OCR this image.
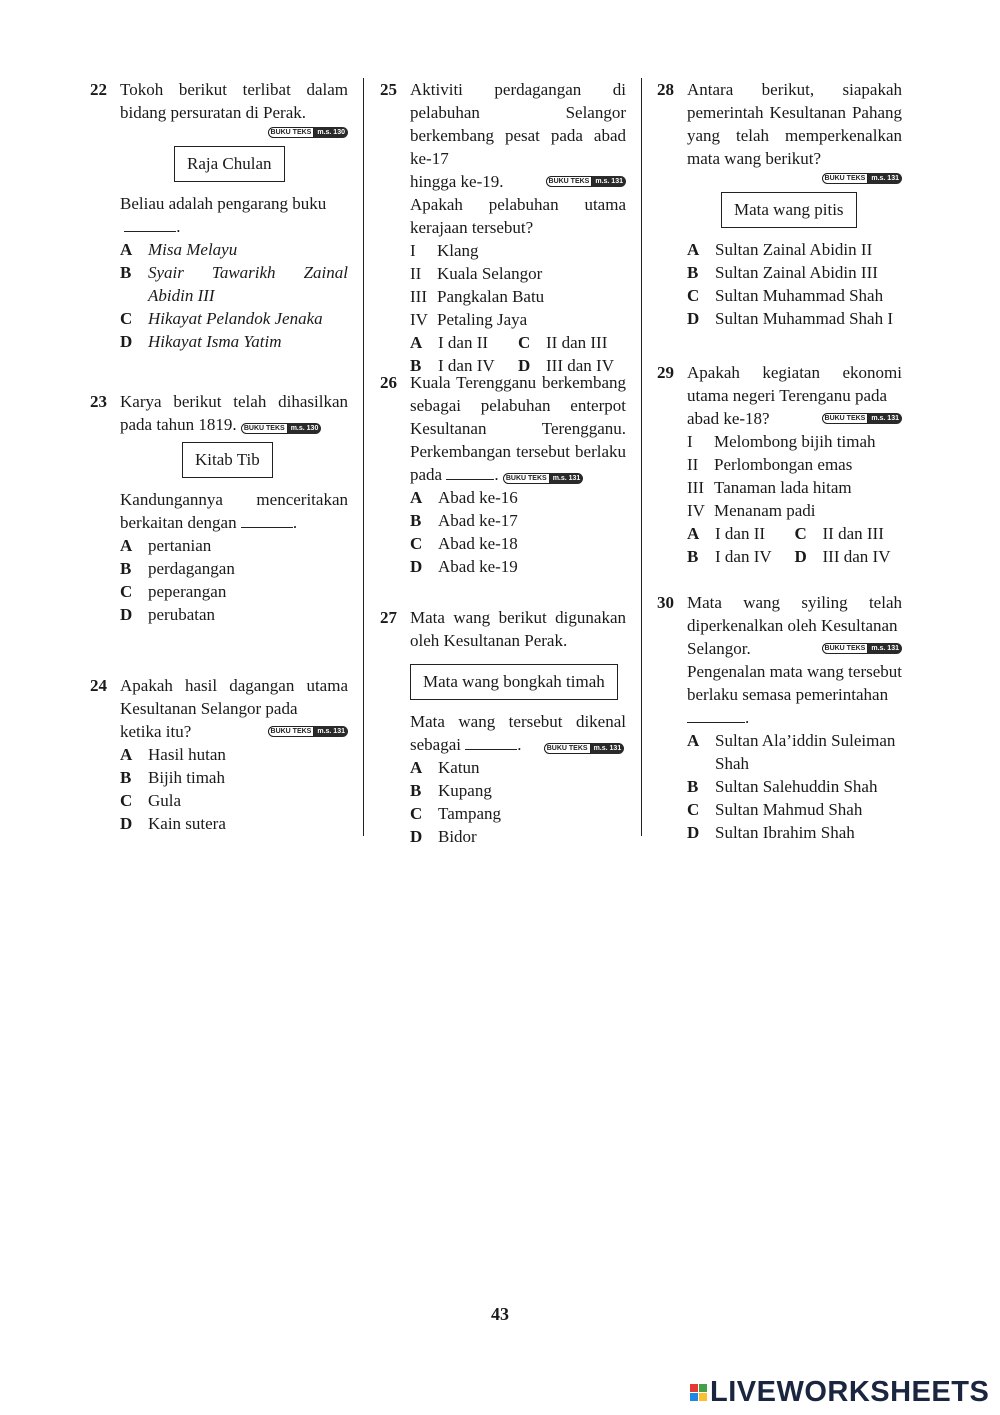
22 Tokoh berikut terlibat dalam bidang persuratan di Perak.
BUKU TEKS m.s. 130
Raja Chulan
Beliau adalah pengarang buku
.
A Misa Melayu
B Syair Tawarikh Zainal Abidin III
C Hikayat Pelandok Jenaka
D Hikayat Isma Yatim
23 Karya berikut telah dihasilkan pada tahun 1819.	BUKU TEKS m.s. 130
Kitab Tib
Kandungannya menceritakan berkaitan dengan	.
A pertanian
B perdagangan
C peperangan
D perubatan
24 Apakah hasil dagangan utama Kesultanan Selangor pada
ketika itu?	BUKU TEKS m.s. 131
A Hasil hutan
B Bijih timah
C Gula
D Kain sutera
25 Aktiviti perdagangan di pelabuhan Selangor berkembang pesat pada abad ke-17
hingga ke-19.	BUKU TEKS m.s. 131
Apakah pelabuhan utama kerajaan tersebut?
I	Klang
II Kuala Selangor
III Pangkalan Batu
IV Petaling Jaya
A I dan II C II dan III
B I dan IV D III dan IV
26 Kuala Terengganu berkembang sebagai pelabuhan enterpot Kesultanan Terengganu. Perkembangan tersebut berlaku pada	. BUKU TEKS m.s. 131
A Abad ke-16
B Abad ke-17
C Abad ke-18
D Abad ke-19
27 Mata wang berikut digunakan oleh Kesultanan Perak.
Mata wang bongkah timah
Mata wang tersebut dikenal sebagai	.	BUKU TEKS m.s. 131
A Katun
B Kupang
C Tampang
D Bidor
28 Antara berikut, siapakah pemerintah Kesultanan Pahang yang telah memperkenalkan mata wang berikut?
BUKU TEKS m.s. 131
Mata wang pitis
A Sultan Zainal Abidin II
B Sultan Zainal Abidin III
C Sultan Muhammad Shah
D Sultan Muhammad Shah I
29 Apakah kegiatan ekonomi utama negeri Terenganu pada
abad ke-18?	BUKU TEKS m.s. 131
I	Melombong bijih timah
II Perlombongan emas
III Tanaman lada hitam
IV Menanam padi
A I dan II C II dan III
B I dan IV D III dan IV
30 Mata wang syiling telah diperkenalkan oleh Kesultanan
Selangor.	BUKU TEKS m.s. 131
Pengenalan mata wang tersebut berlaku semasa pemerintahan
.
A Sultan Ala’iddin Suleiman Shah
B Sultan Salehuddin Shah
C Sultan Mahmud Shah
D Sultan Ibrahim Shah
43
LIVEWORKSHEETS
